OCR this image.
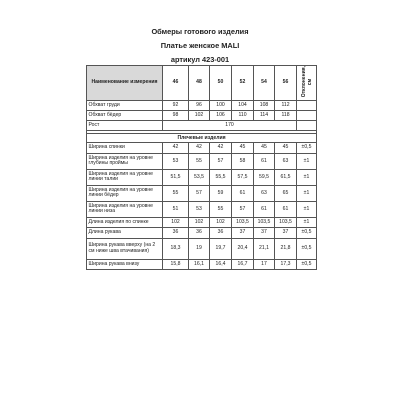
Обмеры готового изделия
Платье женское MALI
артикул 423-001
Наименование измерения	46	48	50	52	54	56	Отклонения, см
Обхват груди	92	96	100	104	108	112	
Обхват бёдер	98	102	106	110	114	118	
Рост	170						

Плечевые изделия							
Ширина спинки	42	42	42	45	45	45	±0,5
Ширина изделия на уровне глубины проймы	53	55	57	58	61	63	±1
Ширина изделия на уровне линии талии	51,5	53,5	55,5	57,5	59,5	61,5	±1
Ширина изделия на уровне линии бёдер	55	57	59	61	63	65	±1
Ширина изделия на уровне линии низа	51	53	55	57	61	61	±1
Длина изделия по спинке	102	102	102	103,5	103,5	103,5	±1
Длина рукава	36	36	36	37	37	37	±0,5
Ширина рукава вверху (на 2 см ниже шва втачивания)	18,3	19	19,7	20,4	21,1	21,8	±0,5
Ширина рукава внизу	15,8	16,1	16,4	16,7	17	17,3	±0,5
